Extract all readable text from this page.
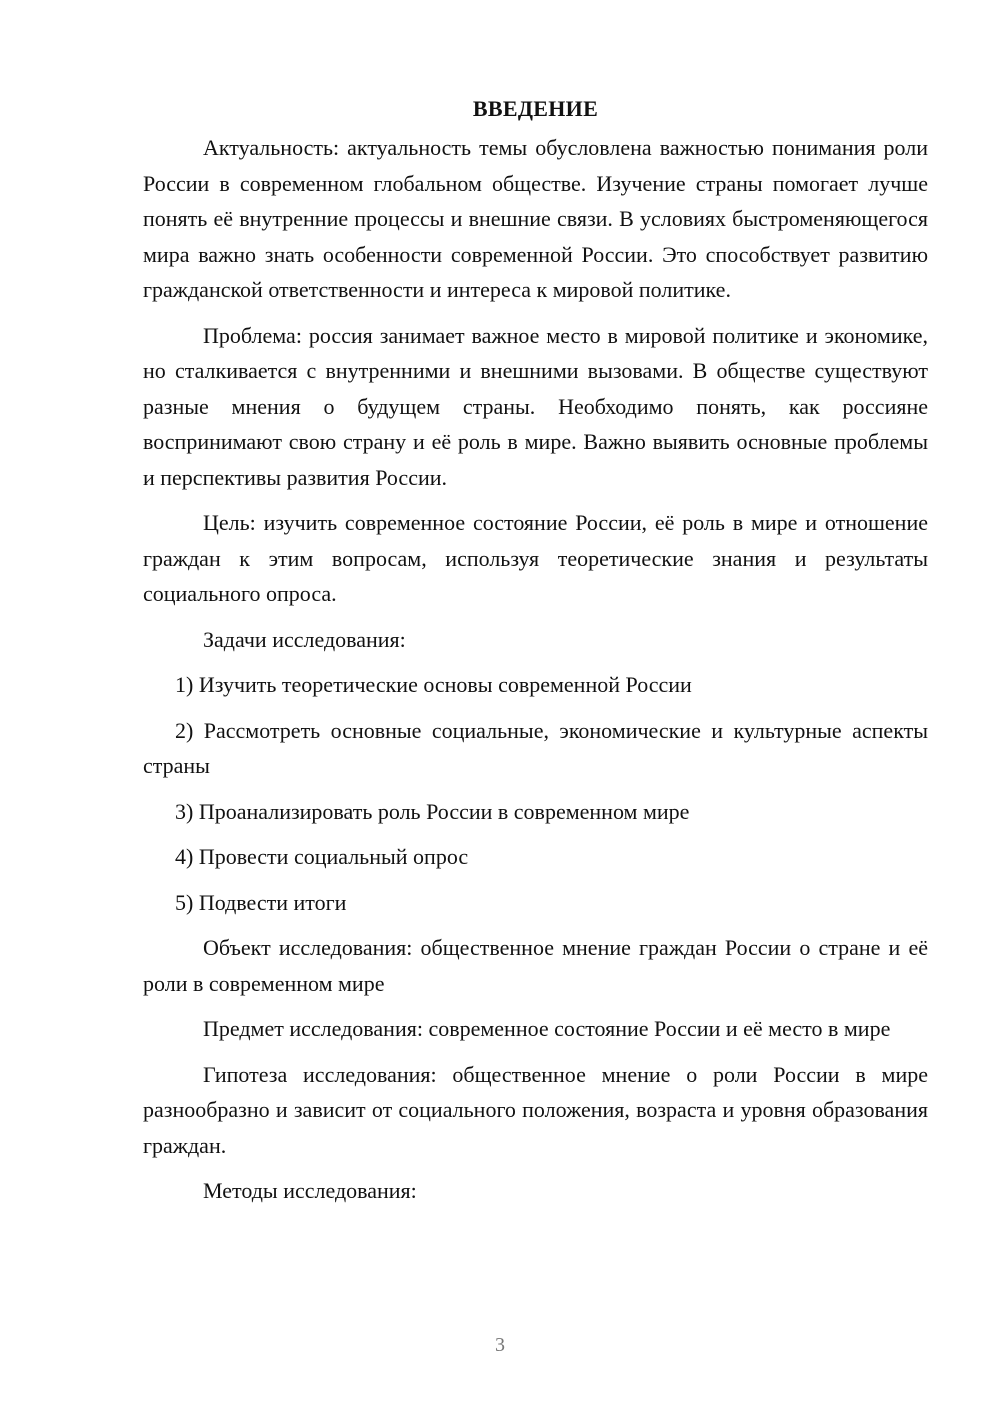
ВВЕДЕНИЕ

Актуальность: актуальность темы обусловлена важностью понимания роли России в современном глобальном обществе. Изучение страны помогает лучше понять её внутренние процессы и внешние связи. В условиях быстроменяющегося мира важно знать особенности современной России. Это способствует развитию гражданской ответственности и интереса к мировой политике.

Проблема: россия занимает важное место в мировой политике и экономике, но сталкивается с внутренними и внешними вызовами. В обществе существуют разные мнения о будущем страны. Необходимо понять, как россияне воспринимают свою страну и её роль в мире. Важно выявить основные проблемы и перспективы развития России.

Цель: изучить современное состояние России, её роль в мире и отношение граждан к этим вопросам, используя теоретические знания и результаты социального опроса.

Задачи исследования:

1) Изучить теоретические основы современной России

2) Рассмотреть основные социальные, экономические и культурные аспекты страны

3) Проанализировать роль России в современном мире

4) Провести социальный опрос

5) Подвести итоги

Объект исследования: общественное мнение граждан России о стране и её роли в современном мире

Предмет исследования: современное состояние России и её место в мире

Гипотеза исследования: общественное мнение о роли России в мире разнообразно и зависит от социального положения, возраста и уровня образования граждан.

Методы исследования:

3
